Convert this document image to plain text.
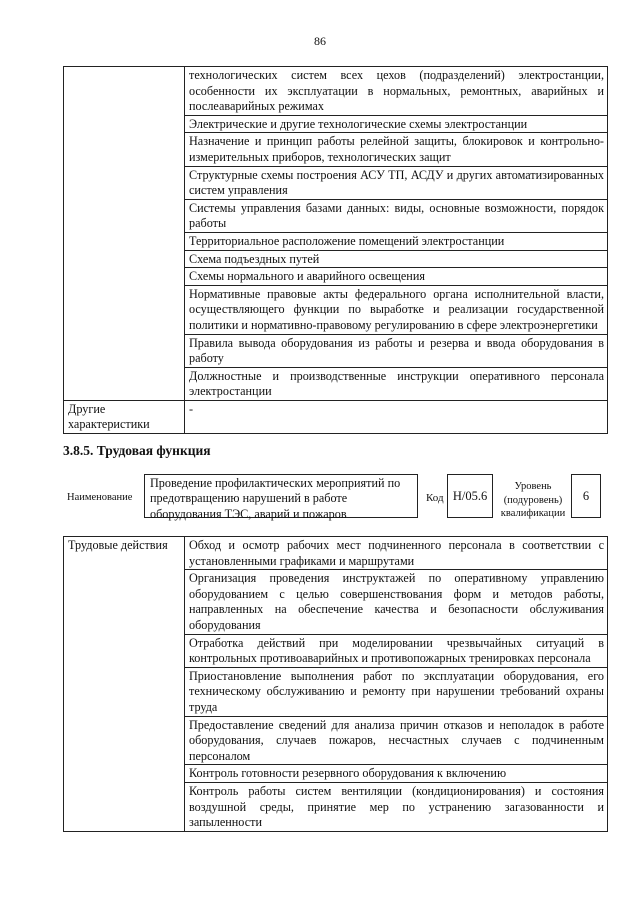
86
	технологических систем всех цехов (подразделений) электростанции, особенности их эксплуатации в нормальных, ремонтных, аварийных и послеаварийных режимах
	Электрические и другие технологические схемы электростанции
	Назначение и принцип работы релейной защиты, блокировок и контрольно-измерительных приборов, технологических защит
	Структурные схемы построения АСУ ТП, АСДУ и других автоматизированных систем управления
	Системы управления базами данных: виды, основные возможности, порядок работы
	Территориальное расположение помещений электростанции
	Схема подъездных путей
	Схемы нормального и аварийного освещения
	Нормативные правовые акты федерального органа исполнительной власти, осуществляющего функции по выработке и реализации государственной политики и нормативно-правовому регулированию в сфере электроэнергетики
	Правила вывода оборудования из работы и резерва и ввода оборудования в работу
	Должностные и производственные инструкции оперативного персонала электростанции
Другие характеристики	-
3.8.5. Трудовая функция
Наименование
Проведение профилактических мероприятий по предотвращению нарушений в работе оборудования ТЭС, аварий и пожаров
Код H/05.6
Уровень (подуровень) квалификации
6
Трудовые действия	Обход и осмотр рабочих мест подчиненного персонала в соответствии с установленными графиками и маршрутами
Организация проведения инструктажей по оперативному управлению оборудованием с целью совершенствования форм и методов работы, направленных на обеспечение качества и безопасности обслуживания оборудования
Отработка действий при моделировании чрезвычайных ситуаций в контрольных противоаварийных и противопожарных тренировках персонала
Приостановление выполнения работ по эксплуатации оборудования, его техническому обслуживанию и ремонту при нарушении требований охраны труда
Предоставление сведений для анализа причин отказов и неполадок в работе оборудования, случаев пожаров, несчастных случаев с подчиненным персоналом
Контроль готовности резервного оборудования к включению
Контроль работы систем вентиляции (кондиционирования) и состояния воздушной среды, принятие мер по устранению загазованности и запыленности
